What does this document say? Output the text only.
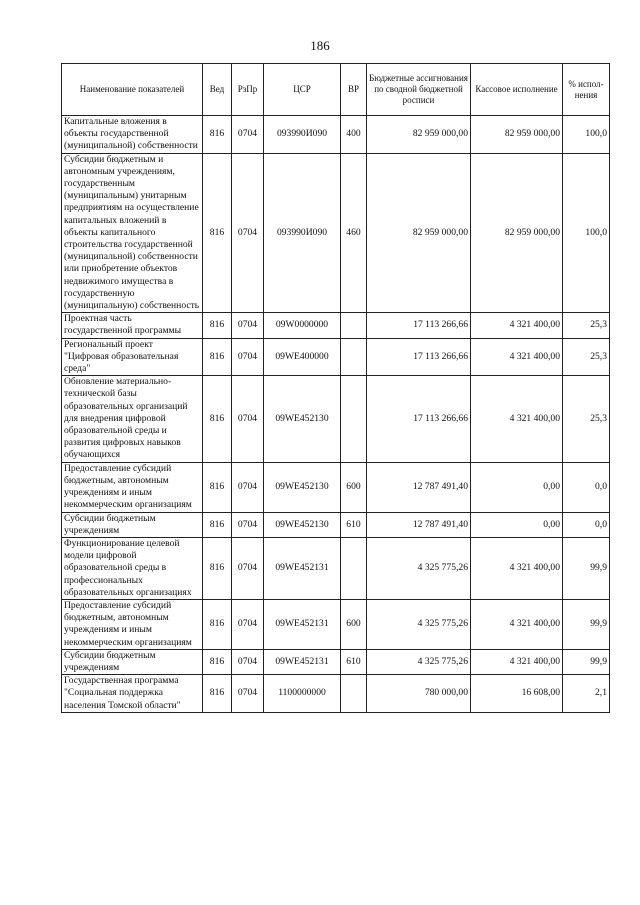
186
Наименование показателей	Вед	РзПр	ЦСР	ВР	Бюджетные ассигнования по сводной бюджетной росписи	Кассовое исполнение	% испол-нения
Капитальные вложения в объекты государственной (муниципальной) собственности	816	0704	093990И090	400	82 959 000,00	82 959 000,00	100,0
Субсидии бюджетным и автономным учреждениям, государственным (муниципальным) унитарным предприятиям на осуществление капитальных вложений в объекты капитального строительства государственной (муниципальной) собственности или приобретение объектов недвижимого имущества в государственную (муниципальную) собственность	816	0704	093990И090	460	82 959 000,00	82 959 000,00	100,0
Проектная часть государственной программы	816	0704	09W0000000		17 113 266,66	4 321 400,00	25,3
Региональный проект "Цифровая образовательная среда"	816	0704	09WE400000		17 113 266,66	4 321 400,00	25,3
Обновление материально-технической базы образовательных организаций для внедрения цифровой образовательной среды и развития цифровых навыков обучающихся	816	0704	09WE452130		17 113 266,66	4 321 400,00	25,3
Предоставление субсидий бюджетным, автономным учреждениям и иным некоммерческим организациям	816	0704	09WE452130	600	12 787 491,40	0,00	0,0
Субсидии бюджетным учреждениям	816	0704	09WE452130	610	12 787 491,40	0,00	0,0
Функционирование целевой модели цифровой образовательной среды в профессиональных образовательных организациях	816	0704	09WE452131		4 325 775,26	4 321 400,00	99,9
Предоставление субсидий бюджетным, автономным учреждениям и иным некоммерческим организациям	816	0704	09WE452131	600	4 325 775,26	4 321 400,00	99,9
Субсидии бюджетным учреждениям	816	0704	09WE452131	610	4 325 775,26	4 321 400,00	99,9
Государственная программа "Социальная поддержка населения Томской области"	816	0704	1100000000		780 000,00	16 608,00	2,1
